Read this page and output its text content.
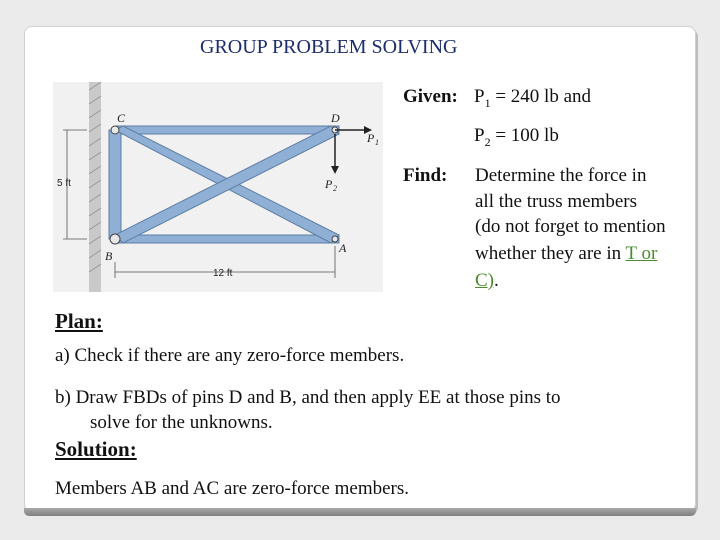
GROUP PROBLEM SOLVING
C	D
P 1
P 2
B
A
5 ft
12 ft
Given: $P_1 = 240$ lb and
$P_2 = 100$ lb
Find: Determine the force in
all the truss members
(do not forget to mention
whether they are in T or
C).
Plan:
a) Check if there are any zero-force members.
b) Draw FBDs of pins D and B, and then apply EE at those pins to
solve for the unknowns.
Solution:
Members AB and AC are zero-force members.
